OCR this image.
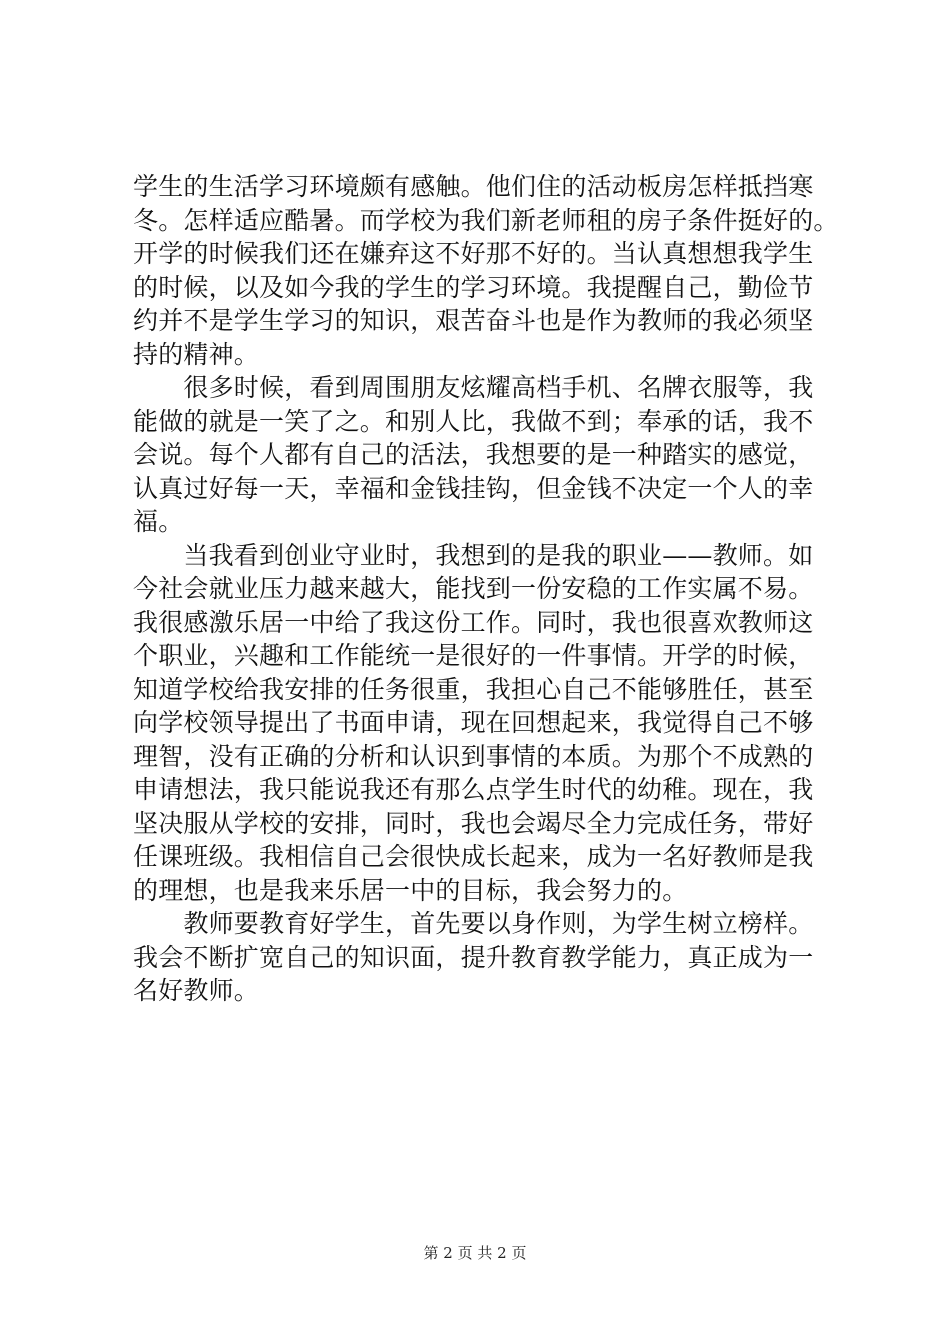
学生的生活学习环境颇有感触。他们住的活动板房怎样抵挡寒
冬。怎样适应酷暑。而学校为我们新老师租的房子条件挺好的。
开学的时候我们还在嫌弃这不好那不好的。当认真想想我学生
的时候，以及如今我的学生的学习环境。我提醒自己，勤俭节
约并不是学生学习的知识，艰苦奋斗也是作为教师的我必须坚
持的精神。
　　很多时候，看到周围朋友炫耀高档手机、名牌衣服等，我
能做的就是一笑了之。和别人比，我做不到；奉承的话，我不
会说。每个人都有自己的活法，我想要的是一种踏实的感觉，
认真过好每一天，幸福和金钱挂钩，但金钱不决定一个人的幸
福。
　　当我看到创业守业时，我想到的是我的职业——教师。如
今社会就业压力越来越大，能找到一份安稳的工作实属不易。
我很感激乐居一中给了我这份工作。同时，我也很喜欢教师这
个职业，兴趣和工作能统一是很好的一件事情。开学的时候，
知道学校给我安排的任务很重，我担心自己不能够胜任，甚至
向学校领导提出了书面申请，现在回想起来，我觉得自己不够
理智，没有正确的分析和认识到事情的本质。为那个不成熟的
申请想法，我只能说我还有那么点学生时代的幼稚。现在，我
坚决服从学校的安排，同时，我也会竭尽全力完成任务，带好
任课班级。我相信自己会很快成长起来，成为一名好教师是我
的理想，也是我来乐居一中的目标，我会努力的。
　　教师要教育好学生，首先要以身作则，为学生树立榜样。
我会不断扩宽自己的知识面，提升教育教学能力，真正成为一
名好教师。
第 2 页 共 2 页
